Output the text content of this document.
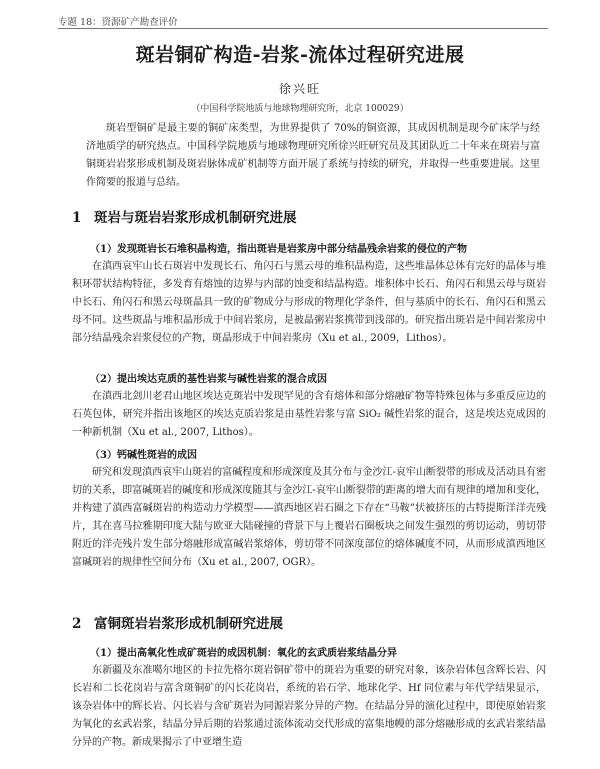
专题 18：资源矿产勘查评价
斑岩铜矿构造-岩浆-流体过程研究进展
徐兴旺
（中国科学院地质与地球物理研究所，北京 100029）

斑岩型铜矿是最主要的铜矿床类型，为世界提供了 70%的铜资源，其成因机制是现今矿床学与经济地质学的研究热点。中国科学院地质与地球物理研究所徐兴旺研究员及其团队近二十年来在斑岩与富铜斑岩岩浆形成机制及斑岩脉体成矿机制等方面开展了系统与持续的研究，并取得一些重要进展。这里作简要的报道与总结。

1 斑岩与斑岩岩浆形成机制研究进展
（1）发现斑岩长石堆积晶构造，指出斑岩是岩浆房中部分结晶残余岩浆的侵位的产物

在滇西哀牢山长石斑岩中发现长石、角闪石与黑云母的堆积晶构造，这些堆晶体总体有完好的晶体与堆积环带状结构特征，多发育有熔蚀的边界与内部的蚀变和结晶构造。堆积体中长石、角闪石和黑云母与斑岩中长石、角闪石和黑云母斑晶具一致的矿物成分与形成的物理化学条件，但与基质中的长石、角闪石和黑云母不同。这些斑晶与堆积晶形成于中间岩浆房，是被晶粥岩浆携带到浅部的。研究指出斑岩是中间岩浆房中部分结晶残余岩浆侵位的产物，斑晶形成于中间岩浆房（Xu et al., 2009，Lithos）。

（2）提出埃达克质的基性岩浆与碱性岩浆的混合成因

在滇西北剑川老君山地区埃达克斑岩中发现罕见的含有熔体和部分熔融矿物等特殊包体与多重反应边的石英包体，研究并指出该地区的埃达克质岩浆是由基性岩浆与富 SiO₂ 碱性岩浆的混合，这是埃达克成因的一种新机制（Xu et al., 2007, Lithos）。

（3）钙碱性斑岩的成因

研究和发现滇西哀牢山斑岩的富碱程度和形成深度及其分布与金沙江-哀牢山断裂带的形成及活动具有密切的关系，即富碱斑岩的碱度和形成深度随其与金沙江-哀牢山断裂带的距离的增大而有规律的增加和变化，并构建了滇西富碱斑岩的构造动力学模型——滇西地区岩石圈之下存在“马鞍”状被挤压的古特提斯洋洋壳残片，其在喜马拉雅期印度大陆与欧亚大陆碰撞的背景下与上覆岩石圈板块之间发生强烈的剪切运动，剪切带附近的洋壳残片发生部分熔融形成富碱岩浆熔体，剪切带不同深度部位的熔体碱度不同，从而形成滇西地区富碱斑岩的规律性空间分布（Xu et al., 2007, OGR）。

2 富铜斑岩岩浆形成机制研究进展
（1）提出高氧化性成矿斑岩的成因机制：氧化的玄武质岩浆结晶分异

东新疆及东准噶尔地区的卡拉先格尔斑岩铜矿带中的斑岩为重要的研究对象，该杂岩体包含辉长岩、闪长岩和二长花岗岩与富含斑铜矿的闪长花岗岩，系统的岩石学、地球化学、Hf 同位素与年代学结果显示，该杂岩体中的辉长岩、闪长岩与含矿斑岩为同源岩浆分异的产物。在结晶分异的演化过程中，即使原始岩浆为氧化的玄武岩浆，结晶分异后期的岩浆通过流体流动交代形成的富集地幔的部分熔融形成的玄武岩浆结晶分异的产物。新成果揭示了中亚增生造
